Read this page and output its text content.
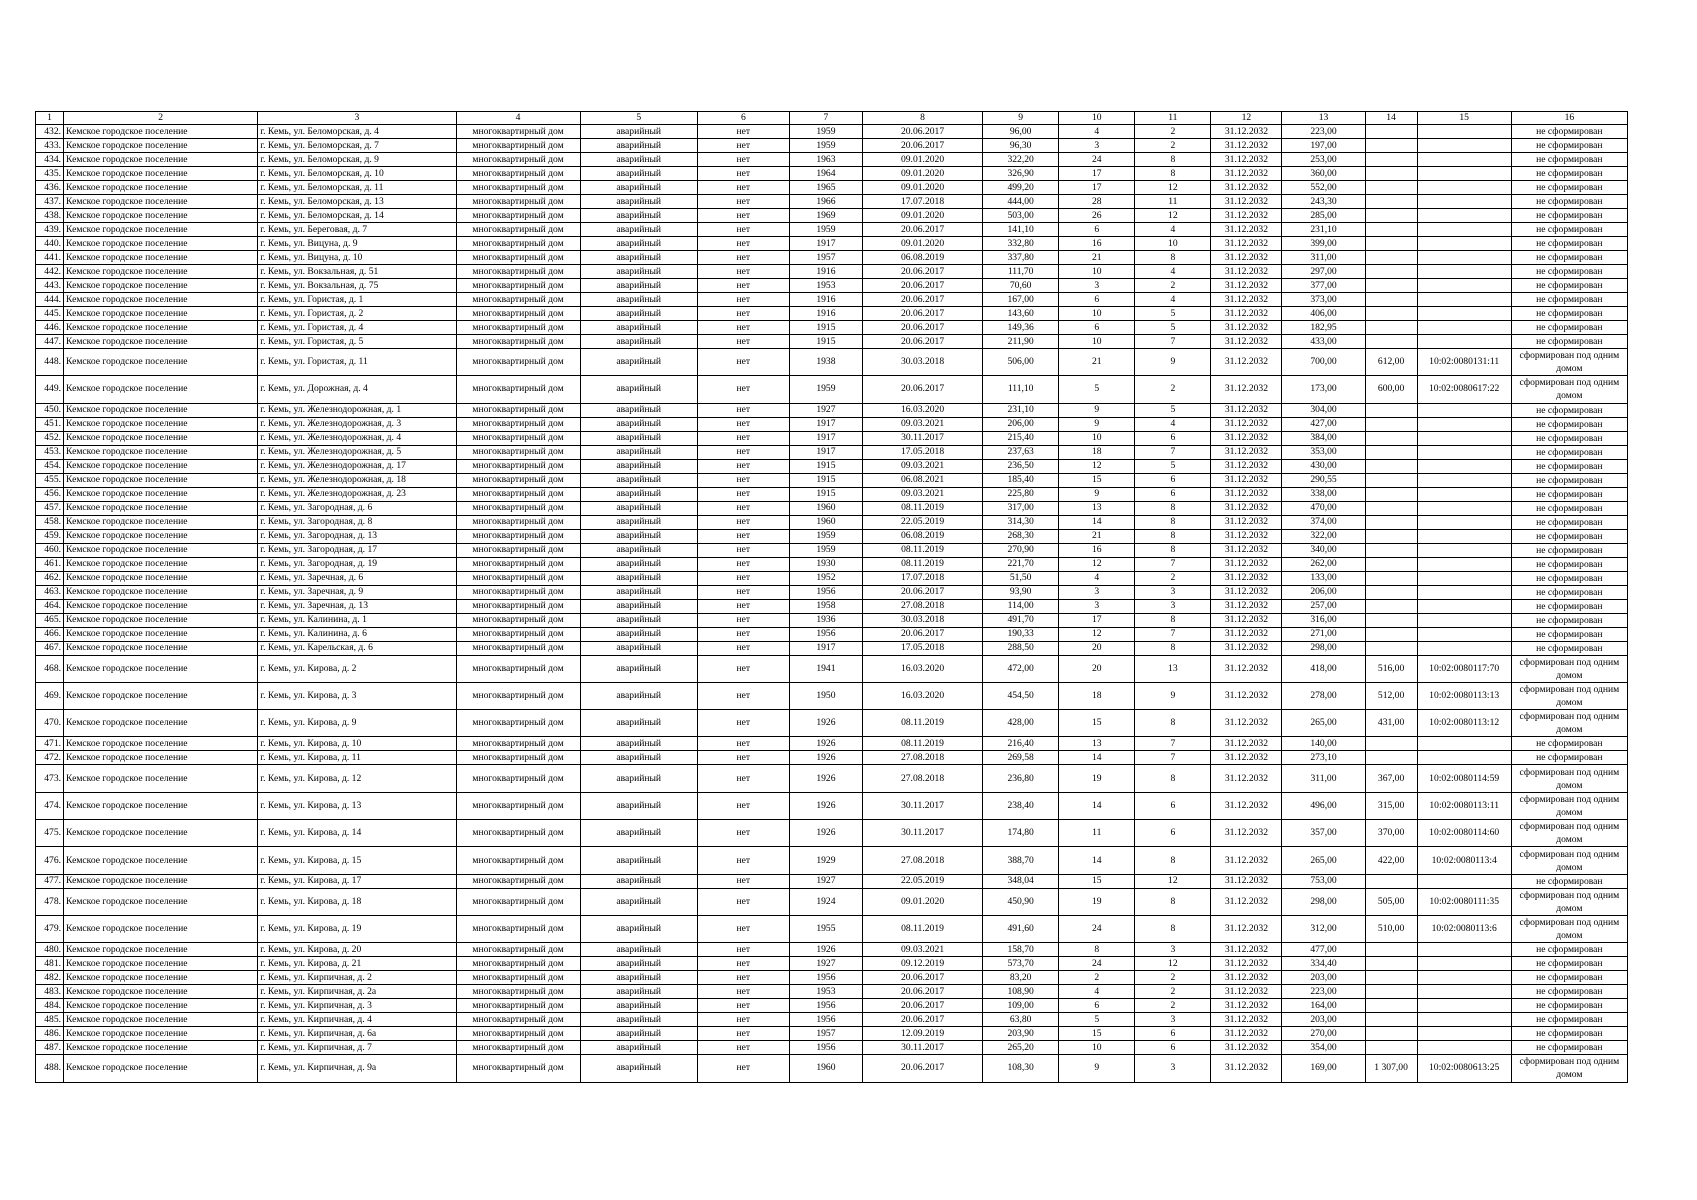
1	2	3	4	5	6	7	8	9	10	11	12	13	14	15	16
432.	Кемское городское поселение	г. Кемь, ул. Беломорская, д. 4	многоквартирный дом	аварийный	нет	1959	20.06.2017	96,00	4	2	31.12.2032	223,00			не сформирован
433.	Кемское городское поселение	г. Кемь, ул. Беломорская, д. 7	многоквартирный дом	аварийный	нет	1959	20.06.2017	96,30	3	2	31.12.2032	197,00			не сформирован
434.	Кемское городское поселение	г. Кемь, ул. Беломорская, д. 9	многоквартирный дом	аварийный	нет	1963	09.01.2020	322,20	24	8	31.12.2032	253,00			не сформирован
435.	Кемское городское поселение	г. Кемь, ул. Беломорская, д. 10	многоквартирный дом	аварийный	нет	1964	09.01.2020	326,90	17	8	31.12.2032	360,00			не сформирован
436.	Кемское городское поселение	г. Кемь, ул. Беломорская, д. 11	многоквартирный дом	аварийный	нет	1965	09.01.2020	499,20	17	12	31.12.2032	552,00			не сформирован
437.	Кемское городское поселение	г. Кемь, ул. Беломорская, д. 13	многоквартирный дом	аварийный	нет	1966	17.07.2018	444,00	28	11	31.12.2032	243,30			не сформирован
438.	Кемское городское поселение	г. Кемь, ул. Беломорская, д. 14	многоквартирный дом	аварийный	нет	1969	09.01.2020	503,00	26	12	31.12.2032	285,00			не сформирован
439.	Кемское городское поселение	г. Кемь, ул. Береговая, д. 7	многоквартирный дом	аварийный	нет	1959	20.06.2017	141,10	6	4	31.12.2032	231,10			не сформирован
440.	Кемское городское поселение	г. Кемь, ул. Вицуна, д. 9	многоквартирный дом	аварийный	нет	1917	09.01.2020	332,80	16	10	31.12.2032	399,00			не сформирован
441.	Кемское городское поселение	г. Кемь, ул. Вицуна, д. 10	многоквартирный дом	аварийный	нет	1957	06.08.2019	337,80	21	8	31.12.2032	311,00			не сформирован
442.	Кемское городское поселение	г. Кемь, ул. Вокзальная, д. 51	многоквартирный дом	аварийный	нет	1916	20.06.2017	111,70	10	4	31.12.2032	297,00			не сформирован
443.	Кемское городское поселение	г. Кемь, ул. Вокзальная, д. 75	многоквартирный дом	аварийный	нет	1953	20.06.2017	70,60	3	2	31.12.2032	377,00			не сформирован
444.	Кемское городское поселение	г. Кемь, ул. Гористая, д. 1	многоквартирный дом	аварийный	нет	1916	20.06.2017	167,00	6	4	31.12.2032	373,00			не сформирован
445.	Кемское городское поселение	г. Кемь, ул. Гористая, д. 2	многоквартирный дом	аварийный	нет	1916	20.06.2017	143,60	10	5	31.12.2032	406,00			не сформирован
446.	Кемское городское поселение	г. Кемь, ул. Гористая, д. 4	многоквартирный дом	аварийный	нет	1915	20.06.2017	149,36	6	5	31.12.2032	182,95			не сформирован
447.	Кемское городское поселение	г. Кемь, ул. Гористая, д. 5	многоквартирный дом	аварийный	нет	1915	20.06.2017	211,90	10	7	31.12.2032	433,00			не сформирован
448.	Кемское городское поселение	г. Кемь, ул. Гористая, д. 11	многоквартирный дом	аварийный	нет	1938	30.03.2018	506,00	21	9	31.12.2032	700,00	612,00	10:02:0080131:11	сформирован под одним домом
449.	Кемское городское поселение	г. Кемь, ул. Дорожная, д. 4	многоквартирный дом	аварийный	нет	1959	20.06.2017	111,10	5	2	31.12.2032	173,00	600,00	10:02:0080617:22	сформирован под одним домом
450.	Кемское городское поселение	г. Кемь, ул. Железнодорожная, д. 1	многоквартирный дом	аварийный	нет	1927	16.03.2020	231,10	9	5	31.12.2032	304,00			не сформирован
451.	Кемское городское поселение	г. Кемь, ул. Железнодорожная, д. 3	многоквартирный дом	аварийный	нет	1917	09.03.2021	206,00	9	4	31.12.2032	427,00			не сформирован
452.	Кемское городское поселение	г. Кемь, ул. Железнодорожная, д. 4	многоквартирный дом	аварийный	нет	1917	30.11.2017	215,40	10	6	31.12.2032	384,00			не сформирован
453.	Кемское городское поселение	г. Кемь, ул. Железнодорожная, д. 5	многоквартирный дом	аварийный	нет	1917	17.05.2018	237,63	18	7	31.12.2032	353,00			не сформирован
454.	Кемское городское поселение	г. Кемь, ул. Железнодорожная, д. 17	многоквартирный дом	аварийный	нет	1915	09.03.2021	236,50	12	5	31.12.2032	430,00			не сформирован
455.	Кемское городское поселение	г. Кемь, ул. Железнодорожная, д. 18	многоквартирный дом	аварийный	нет	1915	06.08.2021	185,40	15	6	31.12.2032	290,55			не сформирован
456.	Кемское городское поселение	г. Кемь, ул. Железнодорожная, д. 23	многоквартирный дом	аварийный	нет	1915	09.03.2021	225,80	9	6	31.12.2032	338,00			не сформирован
457.	Кемское городское поселение	г. Кемь, ул. Загородная, д. 6	многоквартирный дом	аварийный	нет	1960	08.11.2019	317,00	13	8	31.12.2032	470,00			не сформирован
458.	Кемское городское поселение	г. Кемь, ул. Загородная, д. 8	многоквартирный дом	аварийный	нет	1960	22.05.2019	314,30	14	8	31.12.2032	374,00			не сформирован
459.	Кемское городское поселение	г. Кемь, ул. Загородная, д. 13	многоквартирный дом	аварийный	нет	1959	06.08.2019	268,30	21	8	31.12.2032	322,00			не сформирован
460.	Кемское городское поселение	г. Кемь, ул. Загородная, д. 17	многоквартирный дом	аварийный	нет	1959	08.11.2019	270,90	16	8	31.12.2032	340,00			не сформирован
461.	Кемское городское поселение	г. Кемь, ул. Загородная, д. 19	многоквартирный дом	аварийный	нет	1930	08.11.2019	221,70	12	7	31.12.2032	262,00			не сформирован
462.	Кемское городское поселение	г. Кемь, ул. Заречная, д. 6	многоквартирный дом	аварийный	нет	1952	17.07.2018	51,50	4	2	31.12.2032	133,00			не сформирован
463.	Кемское городское поселение	г. Кемь, ул. Заречная, д. 9	многоквартирный дом	аварийный	нет	1956	20.06.2017	93,90	3	3	31.12.2032	206,00			не сформирован
464.	Кемское городское поселение	г. Кемь, ул. Заречная, д. 13	многоквартирный дом	аварийный	нет	1958	27.08.2018	114,00	3	3	31.12.2032	257,00			не сформирован
465.	Кемское городское поселение	г. Кемь, ул. Калинина, д. 1	многоквартирный дом	аварийный	нет	1936	30.03.2018	491,70	17	8	31.12.2032	316,00			не сформирован
466.	Кемское городское поселение	г. Кемь, ул. Калинина, д. 6	многоквартирный дом	аварийный	нет	1956	20.06.2017	190,33	12	7	31.12.2032	271,00			не сформирован
467.	Кемское городское поселение	г. Кемь, ул. Карельская, д. 6	многоквартирный дом	аварийный	нет	1917	17.05.2018	288,50	20	8	31.12.2032	298,00			не сформирован
468.	Кемское городское поселение	г. Кемь, ул. Кирова, д. 2	многоквартирный дом	аварийный	нет	1941	16.03.2020	472,00	20	13	31.12.2032	418,00	516,00	10:02:0080117:70	сформирован под одним домом
469.	Кемское городское поселение	г. Кемь, ул. Кирова, д. 3	многоквартирный дом	аварийный	нет	1950	16.03.2020	454,50	18	9	31.12.2032	278,00	512,00	10:02:0080113:13	сформирован под одним домом
470.	Кемское городское поселение	г. Кемь, ул. Кирова, д. 9	многоквартирный дом	аварийный	нет	1926	08.11.2019	428,00	15	8	31.12.2032	265,00	431,00	10:02:0080113:12	сформирован под одним домом
471.	Кемское городское поселение	г. Кемь, ул. Кирова, д. 10	многоквартирный дом	аварийный	нет	1926	08.11.2019	216,40	13	7	31.12.2032	140,00			не сформирован
472.	Кемское городское поселение	г. Кемь, ул. Кирова, д. 11	многоквартирный дом	аварийный	нет	1926	27.08.2018	269,58	14	7	31.12.2032	273,10			не сформирован
473.	Кемское городское поселение	г. Кемь, ул. Кирова, д. 12	многоквартирный дом	аварийный	нет	1926	27.08.2018	236,80	19	8	31.12.2032	311,00	367,00	10:02:0080114:59	сформирован под одним домом
474.	Кемское городское поселение	г. Кемь, ул. Кирова, д. 13	многоквартирный дом	аварийный	нет	1926	30.11.2017	238,40	14	6	31.12.2032	496,00	315,00	10:02:0080113:11	сформирован под одним домом
475.	Кемское городское поселение	г. Кемь, ул. Кирова, д. 14	многоквартирный дом	аварийный	нет	1926	30.11.2017	174,80	11	6	31.12.2032	357,00	370,00	10:02:0080114:60	сформирован под одним домом
476.	Кемское городское поселение	г. Кемь, ул. Кирова, д. 15	многоквартирный дом	аварийный	нет	1929	27.08.2018	388,70	14	8	31.12.2032	265,00	422,00	10:02:0080113:4	сформирован под одним домом
477.	Кемское городское поселение	г. Кемь, ул. Кирова, д. 17	многоквартирный дом	аварийный	нет	1927	22.05.2019	348,04	15	12	31.12.2032	753,00			не сформирован
478.	Кемское городское поселение	г. Кемь, ул. Кирова, д. 18	многоквартирный дом	аварийный	нет	1924	09.01.2020	450,90	19	8	31.12.2032	298,00	505,00	10:02:0080111:35	сформирован под одним домом
479.	Кемское городское поселение	г. Кемь, ул. Кирова, д. 19	многоквартирный дом	аварийный	нет	1955	08.11.2019	491,60	24	8	31.12.2032	312,00	510,00	10:02:0080113:6	сформирован под одним домом
480.	Кемское городское поселение	г. Кемь, ул. Кирова, д. 20	многоквартирный дом	аварийный	нет	1926	09.03.2021	158,70	8	3	31.12.2032	477,00			не сформирован
481.	Кемское городское поселение	г. Кемь, ул. Кирова, д. 21	многоквартирный дом	аварийный	нет	1927	09.12.2019	573,70	24	12	31.12.2032	334,40			не сформирован
482.	Кемское городское поселение	г. Кемь, ул. Кирпичная, д. 2	многоквартирный дом	аварийный	нет	1956	20.06.2017	83,20	2	2	31.12.2032	203,00			не сформирован
483.	Кемское городское поселение	г. Кемь, ул. Кирпичная, д. 2а	многоквартирный дом	аварийный	нет	1953	20.06.2017	108,90	4	2	31.12.2032	223,00			не сформирован
484.	Кемское городское поселение	г. Кемь, ул. Кирпичная, д. 3	многоквартирный дом	аварийный	нет	1956	20.06.2017	109,00	6	2	31.12.2032	164,00			не сформирован
485.	Кемское городское поселение	г. Кемь, ул. Кирпичная, д. 4	многоквартирный дом	аварийный	нет	1956	20.06.2017	63,80	5	3	31.12.2032	203,00			не сформирован
486.	Кемское городское поселение	г. Кемь, ул. Кирпичная, д. 6а	многоквартирный дом	аварийный	нет	1957	12.09.2019	203,90	15	6	31.12.2032	270,00			не сформирован
487.	Кемское городское поселение	г. Кемь, ул. Кирпичная, д. 7	многоквартирный дом	аварийный	нет	1956	30.11.2017	265,20	10	6	31.12.2032	354,00			не сформирован
488.	Кемское городское поселение	г. Кемь, ул. Кирпичная, д. 9а	многоквартирный дом	аварийный	нет	1960	20.06.2017	108,30	9	3	31.12.2032	169,00	1 307,00	10:02:0080613:25	сформирован под одним домом
